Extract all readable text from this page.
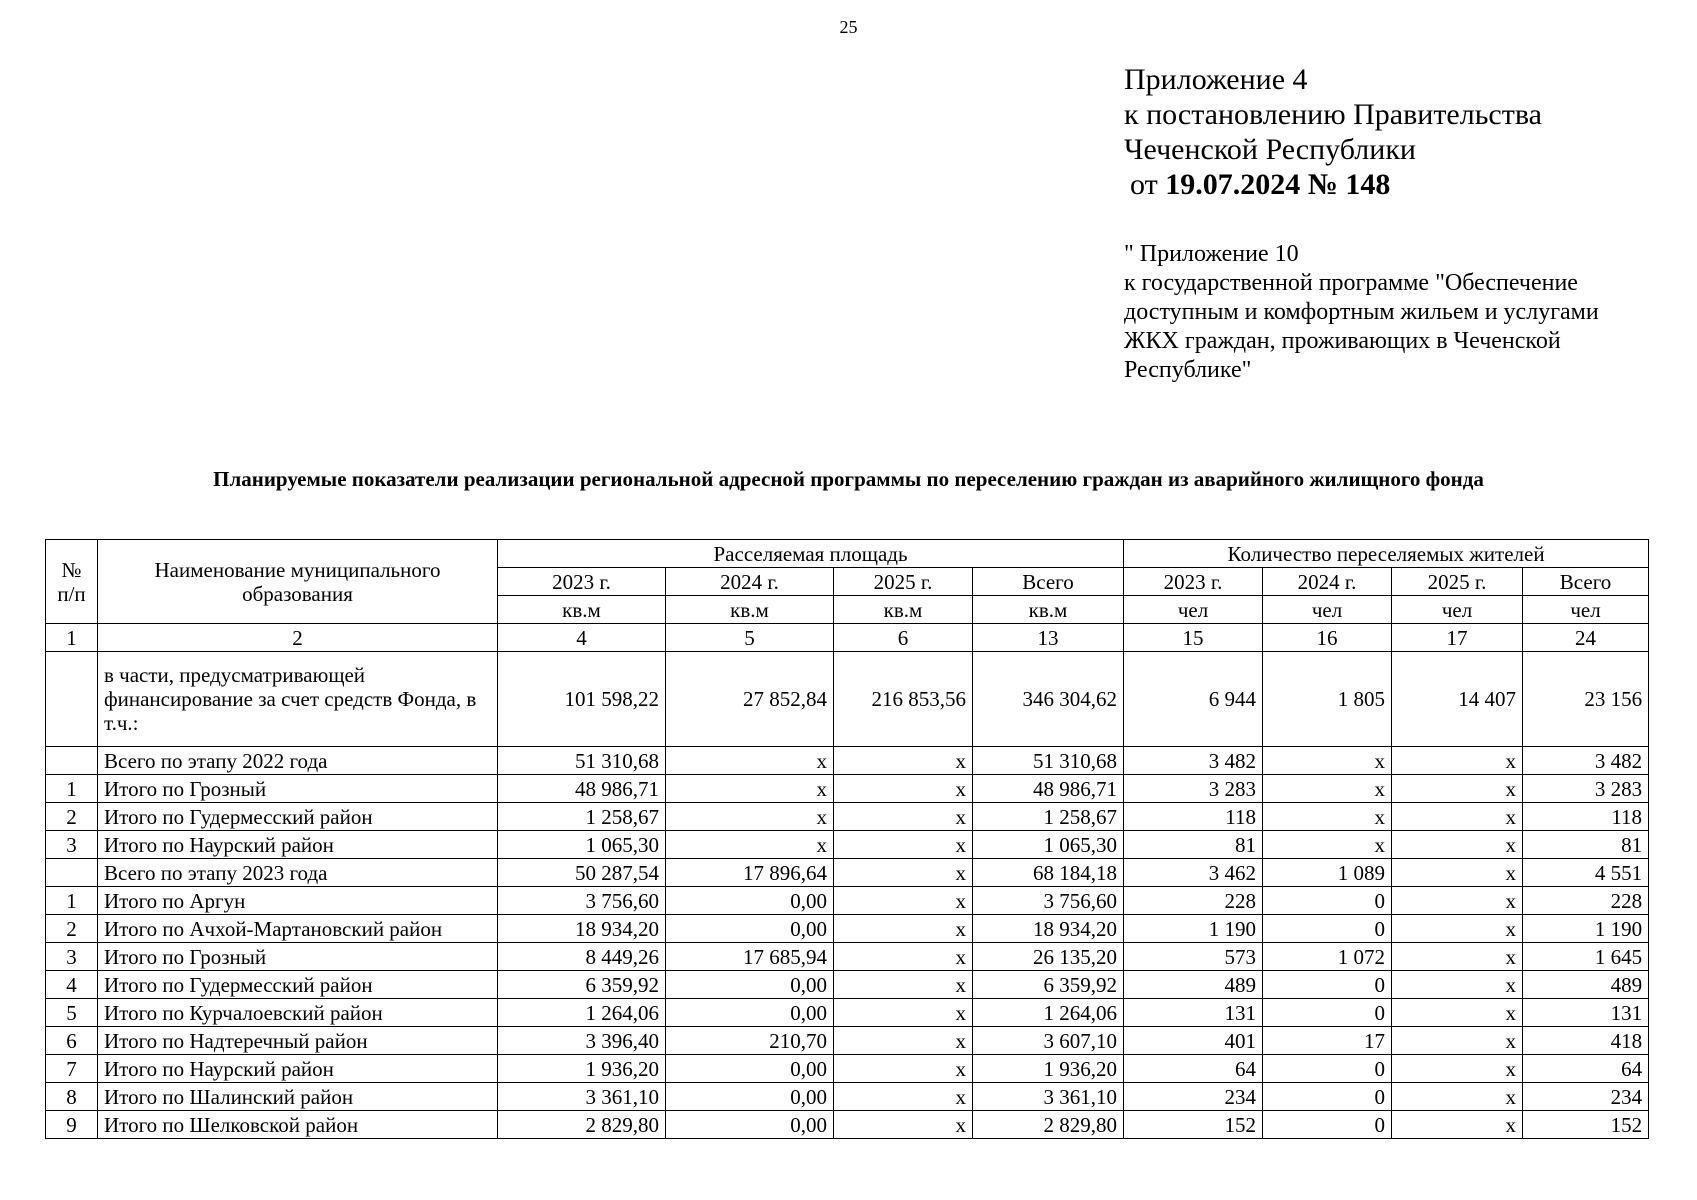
25
Приложение 4
к постановлению Правительства
Чеченской Республики
от 19.07.2024 № 148
" Приложение 10
к государственной программе "Обеспечение
доступным и комфортным жильем и услугами
ЖКХ граждан, проживающих в Чеченской
Республике"
Планируемые показатели реализации региональной адресной программы по переселению граждан из аварийного жилищного фонда
№ п/п	Наименование муниципального образования	Расселяемая площадь				Количество переселяемых жителей			
		2023 г.	2024 г.	2025 г.	Всего	2023 г.	2024 г.	2025 г.	Всего
		кв.м	кв.м	кв.м	кв.м	чел	чел	чел	чел
1	2	4	5	6	13	15	16	17	24
	в части, предусматривающей финансирование за счет средств Фонда, в т.ч.:	101 598,22	27 852,84	216 853,56	346 304,62	6 944	1 805	14 407	23 156
	Всего по этапу 2022 года	51 310,68	x	x	51 310,68	3 482	x	x	3 482
1	Итого по Грозный	48 986,71	x	x	48 986,71	3 283	x	x	3 283
2	Итого по Гудермесский район	1 258,67	x	x	1 258,67	118	x	x	118
3	Итого по Наурский район	1 065,30	x	x	1 065,30	81	x	x	81
	Всего по этапу 2023 года	50 287,54	17 896,64	x	68 184,18	3 462	1 089	x	4 551
1	Итого по Аргун	3 756,60	0,00	x	3 756,60	228	0	x	228
2	Итого по Ачхой-Мартановский район	18 934,20	0,00	x	18 934,20	1 190	0	x	1 190
3	Итого по Грозный	8 449,26	17 685,94	x	26 135,20	573	1 072	x	1 645
4	Итого по Гудермесский район	6 359,92	0,00	x	6 359,92	489	0	x	489
5	Итого по Курчалоевский район	1 264,06	0,00	x	1 264,06	131	0	x	131
6	Итого по Надтеречный район	3 396,40	210,70	x	3 607,10	401	17	x	418
7	Итого по Наурский район	1 936,20	0,00	x	1 936,20	64	0	x	64
8	Итого по Шалинский район	3 361,10	0,00	x	3 361,10	234	0	x	234
9	Итого по Шелковской район	2 829,80	0,00	x	2 829,80	152	0	x	152
